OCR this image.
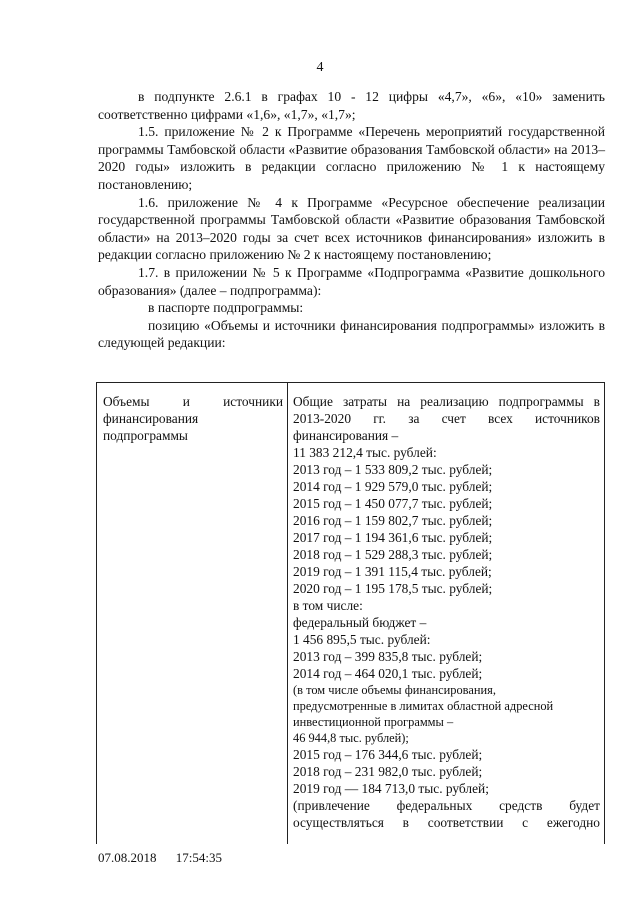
4

в подпункте 2.6.1 в графах 10 - 12 цифры «4,7», «6», «10» заменить соответственно цифрами «1,6», «1,7», «1,7»;

1.5. приложение № 2 к Программе «Перечень мероприятий государственной программы Тамбовской области «Развитие образования Тамбовской области» на 2013–2020 годы» изложить в редакции согласно приложению № 1 к настоящему постановлению;

1.6. приложение № 4 к Программе «Ресурсное обеспечение реализации государственной программы Тамбовской области «Развитие образования Тамбовской области» на 2013–2020 годы за счет всех источников финансирования» изложить в редакции согласно приложению № 2 к настоящему постановлению;

1.7. в приложении № 5 к Программе «Подпрограмма «Развитие дошкольного образования» (далее – подпрограмма):

в паспорте подпрограммы:

позицию «Объемы и источники финансирования подпрограммы» изложить в следующей редакции:

Объемы и источники
финансирования
подпрограммы
Общие затраты на реализацию подпрограммы в
2013-2020 гг. за счет всех источников
финансирования –
11 383 212,4 тыс. рублей:
2013 год – 1 533 809,2 тыс. рублей;
2014 год – 1 929 579,0 тыс. рублей;
2015 год – 1 450 077,7 тыс. рублей;
2016 год – 1 159 802,7 тыс. рублей;
2017 год – 1 194 361,6 тыс. рублей;
2018 год – 1 529 288,3 тыс. рублей;
2019 год – 1 391 115,4 тыс. рублей;
2020 год – 1 195 178,5 тыс. рублей;
в том числе:
федеральный бюджет –
1 456 895,5 тыс. рублей:
2013 год – 399 835,8 тыс. рублей;
2014 год – 464 020,1 тыс. рублей;
(в том числе объемы финансирования,
предусмотренные в лимитах областной адресной
инвестиционной программы –
46 944,8 тыс. рублей);
2015 год – 176 344,6 тыс. рублей;
2018 год – 231 982,0 тыс. рублей;
2019 год — 184 713,0 тыс. рублей;
(привлечение федеральных средств будет
осуществляться в соответствии с ежегодно
07.08.2018 17:54:35
